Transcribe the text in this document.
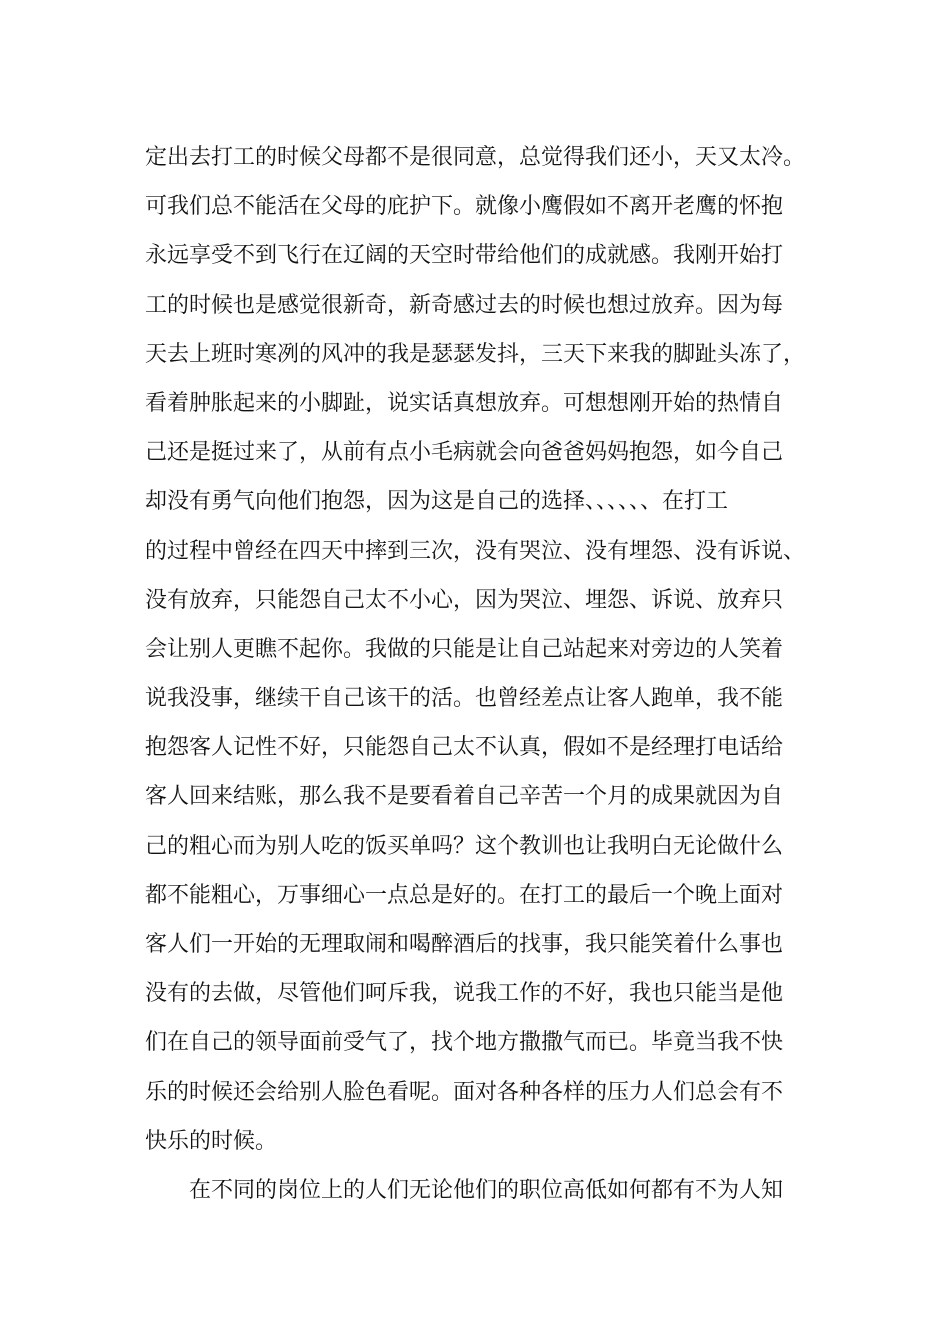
定出去打工的时候父母都不是很同意，总觉得我们还小，天又太冷。
可我们总不能活在父母的庇护下。就像小鹰假如不离开老鹰的怀抱
永远享受不到飞行在辽阔的天空时带给他们的成就感。我刚开始打
工的时候也是感觉很新奇，新奇感过去的时候也想过放弃。因为每
天去上班时寒冽的风冲的我是瑟瑟发抖，三天下来我的脚趾头冻了，
看着肿胀起来的小脚趾，说实话真想放弃。可想想刚开始的热情自
己还是挺过来了，从前有点小毛病就会向爸爸妈妈抱怨，如今自己
却没有勇气向他们抱怨，因为这是自己的选择、、、、、、在打工
的过程中曾经在四天中摔到三次，没有哭泣、没有埋怨、没有诉说、
没有放弃，只能怨自己太不小心，因为哭泣、埋怨、诉说、放弃只
会让别人更瞧不起你。我做的只能是让自己站起来对旁边的人笑着
说我没事，继续干自己该干的活。也曾经差点让客人跑单，我不能
抱怨客人记性不好，只能怨自己太不认真，假如不是经理打电话给
客人回来结账，那么我不是要看着自己辛苦一个月的成果就因为自
己的粗心而为别人吃的饭买单吗？这个教训也让我明白无论做什么
都不能粗心，万事细心一点总是好的。在打工的最后一个晚上面对
客人们一开始的无理取闹和喝醉酒后的找事，我只能笑着什么事也
没有的去做，尽管他们呵斥我，说我工作的不好，我也只能当是他
们在自己的领导面前受气了，找个地方撒撒气而已。毕竟当我不快
乐的时候还会给别人脸色看呢。面对各种各样的压力人们总会有不
快乐的时候。
在不同的岗位上的人们无论他们的职位高低如何都有不为人知
